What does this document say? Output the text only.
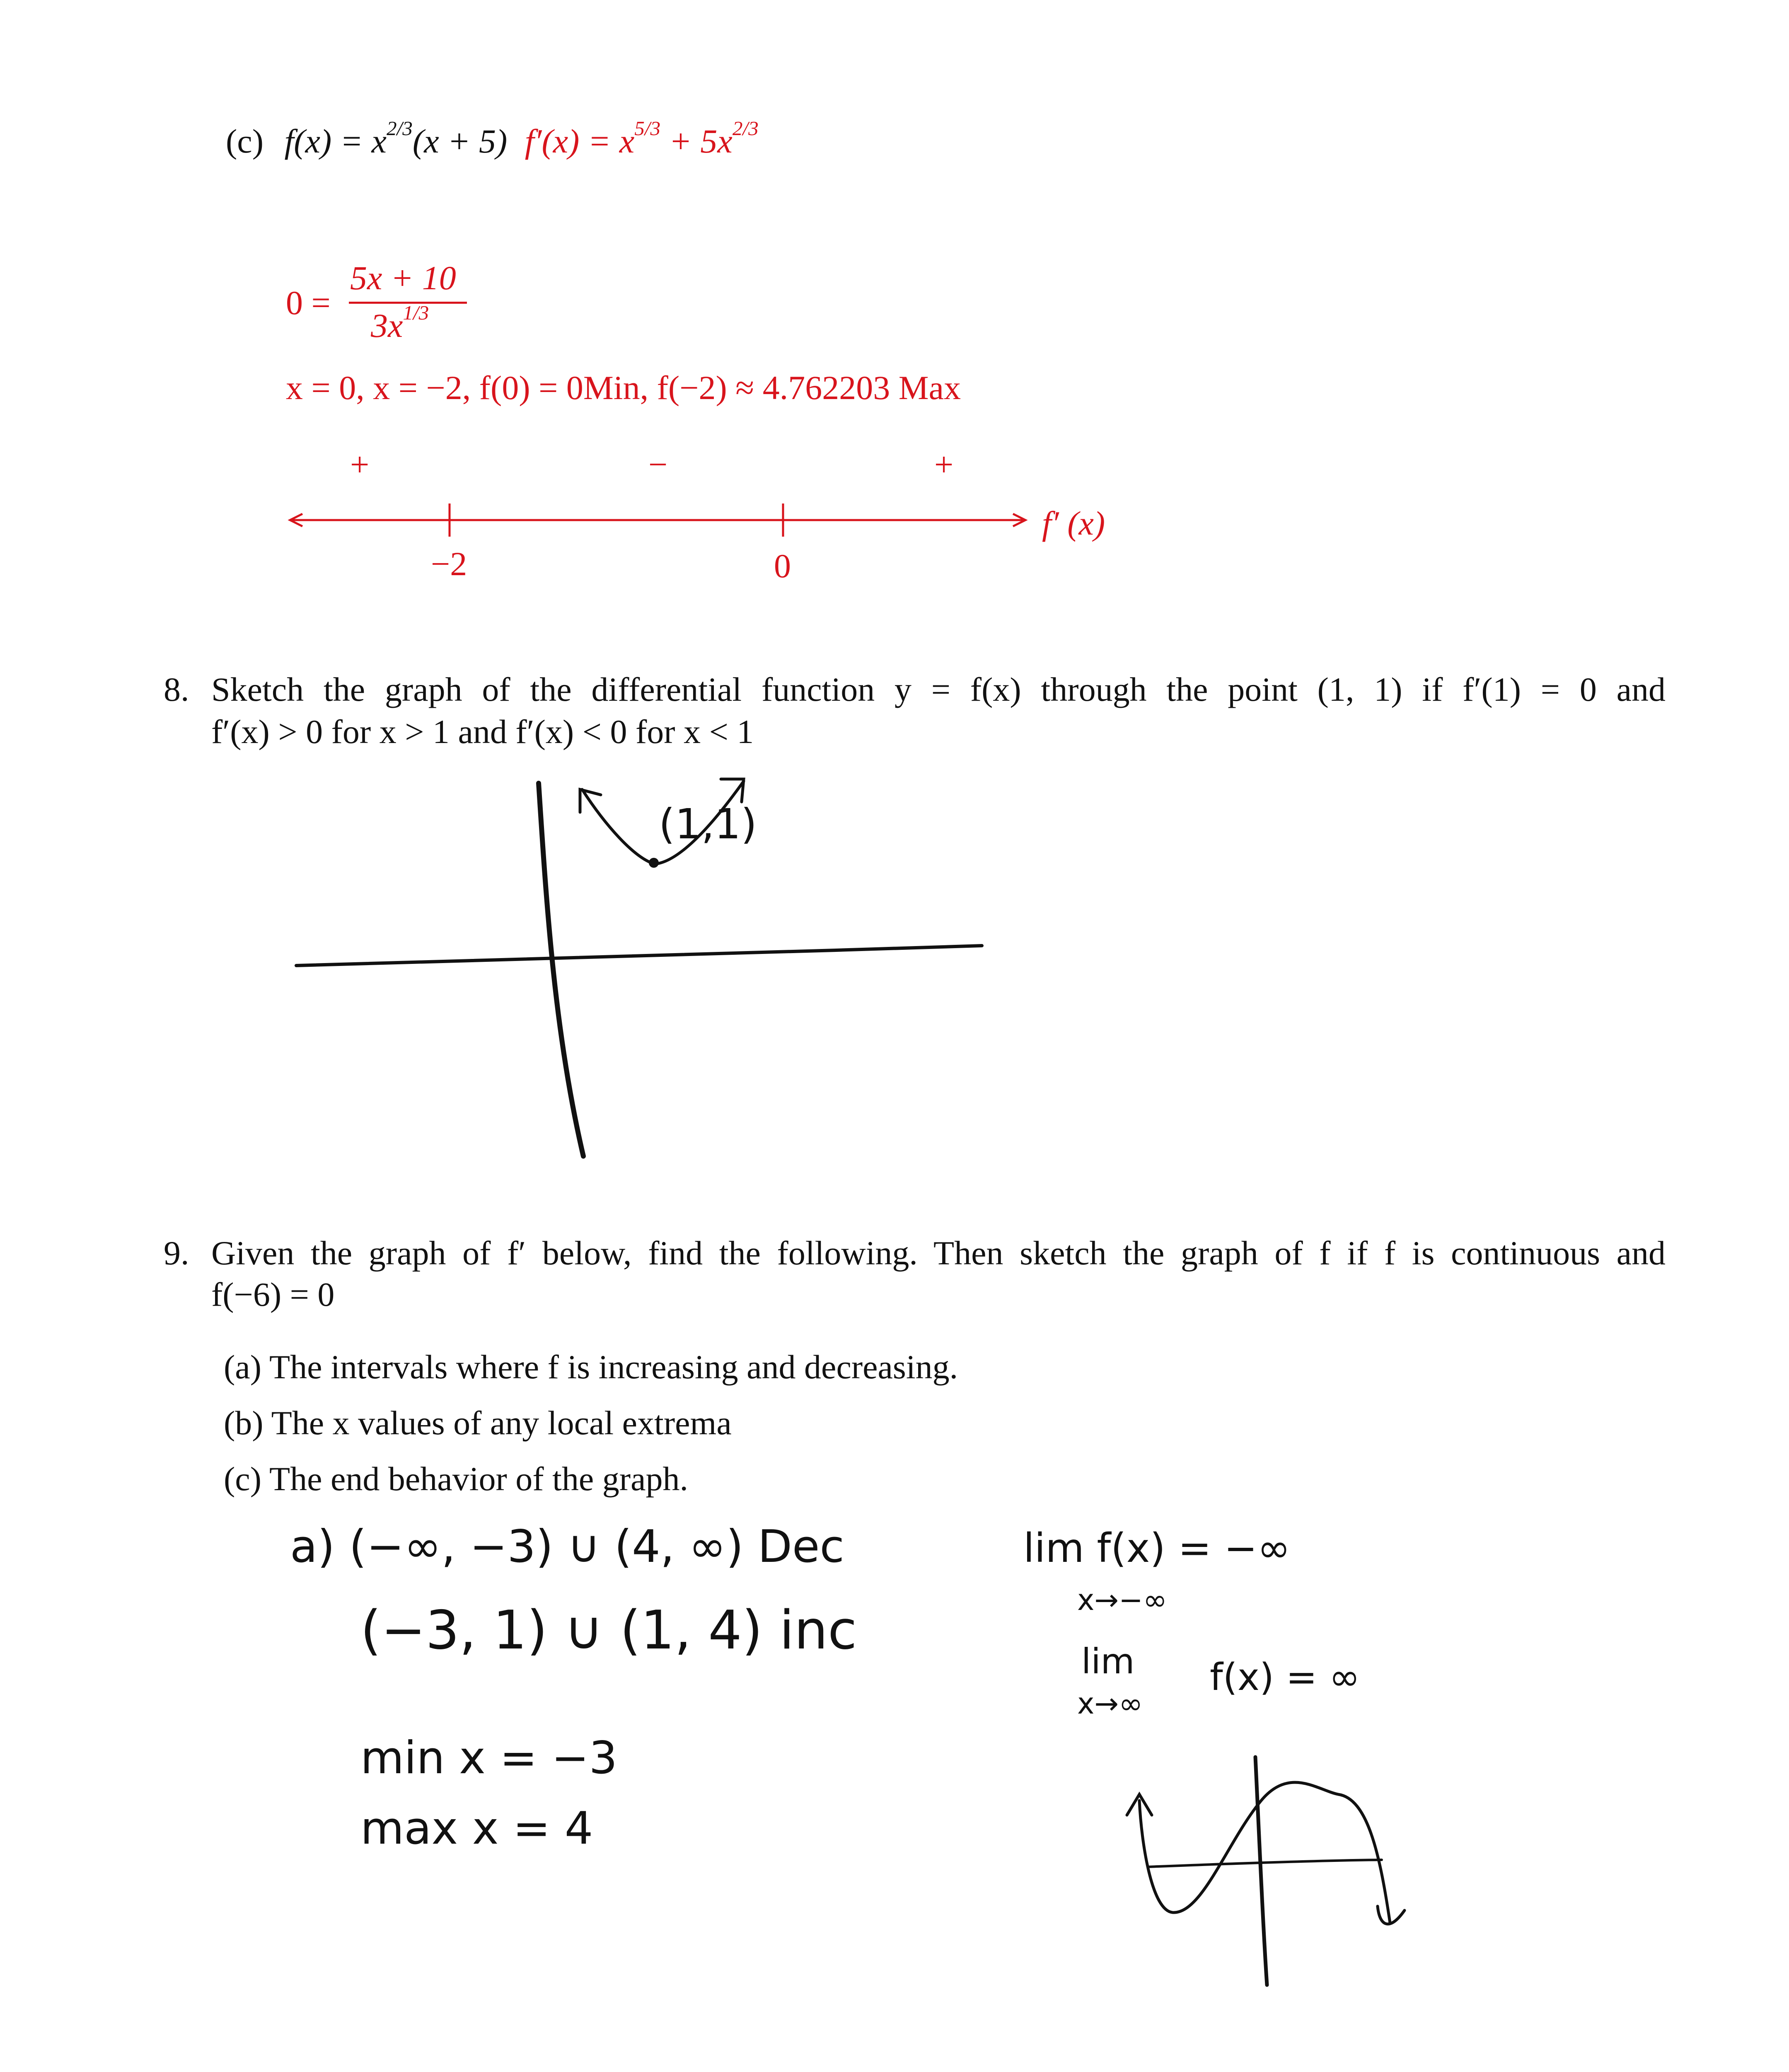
(c) $f(x) = x^{2/3}(x + 5) f'(x) = x^{5/3} + 5x^{2/3}$
0 =
5x + 10
$3x^{1/3}$
x = 0, x = −2, f(0) = 0Min, f(−2) ≈ 4.762203 Max
+	−	+
−2	0
f′ (x)
8. Sketch the graph of the differential function y = f(x) through the point (1, 1) if f′(1) = 0 and
f′(x) > 0 for x > 1 and f′(x) < 0 for x < 1
(1,1)
9. Given the graph of f′ below, find the following. Then sketch the graph of f if f is continuous and
f(−6) = 0
(a) The intervals where f is increasing and decreasing.
(b) The x values of any local extrema
(c) The end behavior of the graph.
a) (−∞, −3) ∪ (4, ∞) Dec
(−3, 1) ∪ (1, 4) inc
min x = −3
max x = 4
lim f(x) = −∞
x→−∞
lim
x→∞
f(x) = ∞
